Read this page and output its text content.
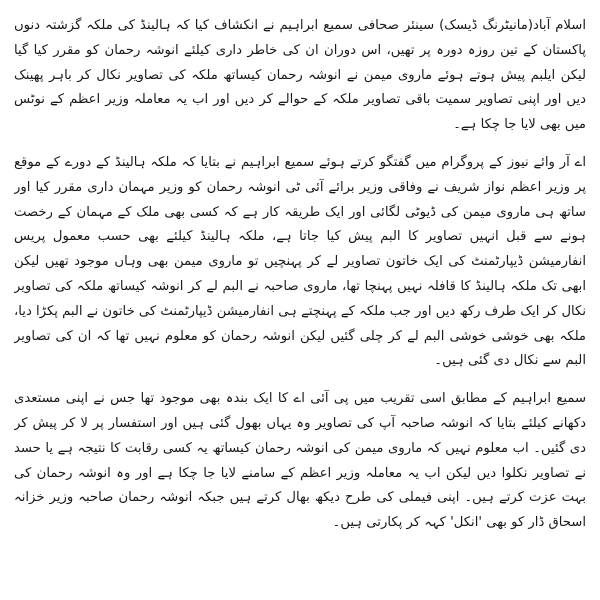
اسلام آباد(مانیٹرنگ ڈیسک) سینئر صحافی سمیع ابراہیم نے انکشاف کیا کہ ہالینڈ کی ملکہ گزشتہ دنوں پاکستان کے تین روزہ دورہ پر تھیں، اس دوران ان کی خاطر داری کیلئے انوشہ رحمان کو مقرر کیا گیا لیکن ایلبم پیش ہوتے ہوئے ماروی میمن نے انوشہ رحمان کیساتھ ملکہ کی تصاویر نکال کر باہر پھینک دیں اور اپنی تصاویر سمیت باقی تصاویر ملکہ کے حوالے کر دیں اور اب یہ معاملہ وزیر اعظم کے نوٹس میں بھی لایا جا چکا ہے۔

اے آر وائے نیوز کے پروگرام میں گفتگو کرتے ہوئے سمیع ابراہیم نے بتایا کہ ملکہ ہالینڈ کے دورے کے موقع پر وزیر اعظم نواز شریف نے وفاقی وزیر برائے آئی ٹی انوشہ رحمان کو وزیر مہمان داری مقرر کیا اور ساتھ ہی ماروی میمن کی ڈیوٹی لگائی اور ایک طریقہ کار ہے کہ کسی بھی ملک کے مہمان کے رخصت ہونے سے قبل انہیں تصاویر کا البم پیش کیا جاتا ہے، ملکہ ہالینڈ کیلئے بھی حسب معمول پریس انفارمیشن ڈیپارٹمنٹ کی ایک خاتون تصاویر لے کر پہنچیں تو ماروی میمن بھی وہاں موجود تھیں لیکن ابھی تک ملکہ ہالینڈ کا قافلہ نہیں پہنچا تھا، ماروی صاحبہ نے البم لے کر انوشہ کیساتھ ملکہ کی تصاویر نکال کر ایک طرف رکھ دیں اور جب ملکہ کے پہنچتے ہی انفارمیشن ڈیپارٹمنٹ کی خاتون نے البم پکڑا دیا، ملکہ بھی خوشی خوشی البم لے کر چلی گئیں لیکن انوشہ رحمان کو معلوم نہیں تھا کہ ان کی تصاویر البم سے نکال دی گئی ہیں۔

سمیع ابراہیم کے مطابق اسی تقریب میں پی آئی اے کا ایک بندہ بھی موجود تھا جس نے اپنی مستعدی دکھانے کیلئے بتایا کہ انوشہ صاحبہ آپ کی تصاویر وہ یہاں بھول گئی ہیں اور استفسار پر لا کر پیش کر دی گئیں۔ اب معلوم نہیں کہ ماروی میمن کی انوشہ رحمان کیساتھ یہ کسی رقابت کا نتیجہ ہے یا حسد نے تصاویر نکلوا دیں لیکن اب یہ معاملہ وزیر اعظم کے سامنے لایا جا چکا ہے اور وہ انوشہ رحمان کی بہت عزت کرتے ہیں۔ اپنی فیملی کی طرح دیکھ بھال کرتے ہیں جبکہ انوشہ رحمان صاحبہ وزیر خزانہ اسحاق ڈار کو بھی 'انکل' کہہ کر پکارتی ہیں۔
